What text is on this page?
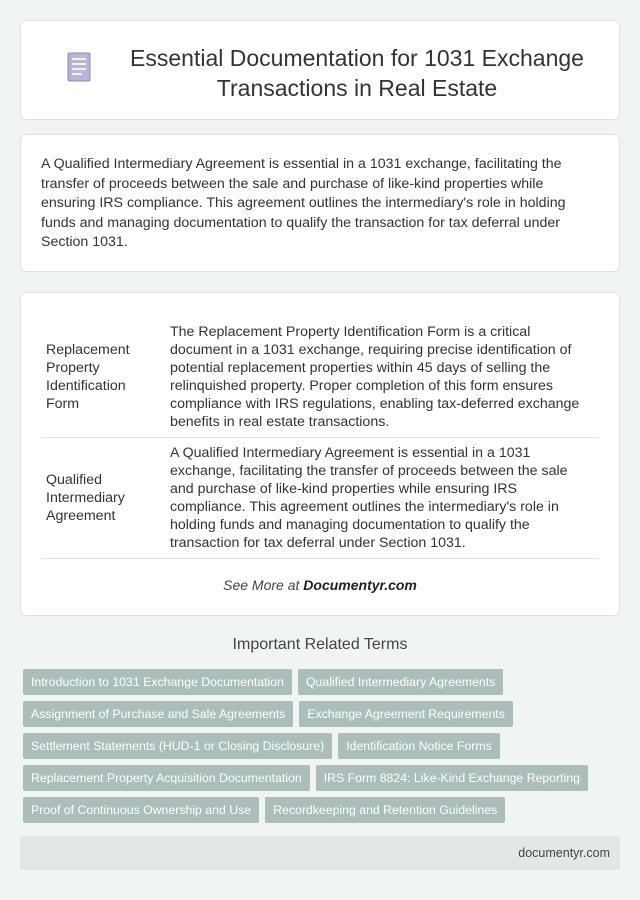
Essential Documentation for 1031 Exchange Transactions in Real Estate

A Qualified Intermediary Agreement is essential in a 1031 exchange, facilitating the transfer of proceeds between the sale and purchase of like-kind properties while ensuring IRS compliance. This agreement outlines the intermediary's role in holding funds and managing documentation to qualify the transaction for tax deferral under Section 1031.

Replacement Property Identification Form	The Replacement Property Identification Form is a critical document in a 1031 exchange, requiring precise identification of potential replacement properties within 45 days of selling the relinquished property. Proper completion of this form ensures compliance with IRS regulations, enabling tax-deferred exchange benefits in real estate transactions.
Qualified Intermediary Agreement	A Qualified Intermediary Agreement is essential in a 1031 exchange, facilitating the transfer of proceeds between the sale and purchase of like-kind properties while ensuring IRS compliance. This agreement outlines the intermediary's role in holding funds and managing documentation to qualify the transaction for tax deferral under Section 1031.
See More at Documentyr.com
Important Related Terms
Introduction to 1031 Exchange Documentation	Qualified Intermediary Agreements
Assignment of Purchase and Sale Agreements	Exchange Agreement Requirements
Settlement Statements (HUD-1 or Closing Disclosure)	Identification Notice Forms
Replacement Property Acquisition Documentation	IRS Form 8824: Like-Kind Exchange Reporting
Proof of Continuous Ownership and Use	Recordkeeping and Retention Guidelines
documentyr.com
